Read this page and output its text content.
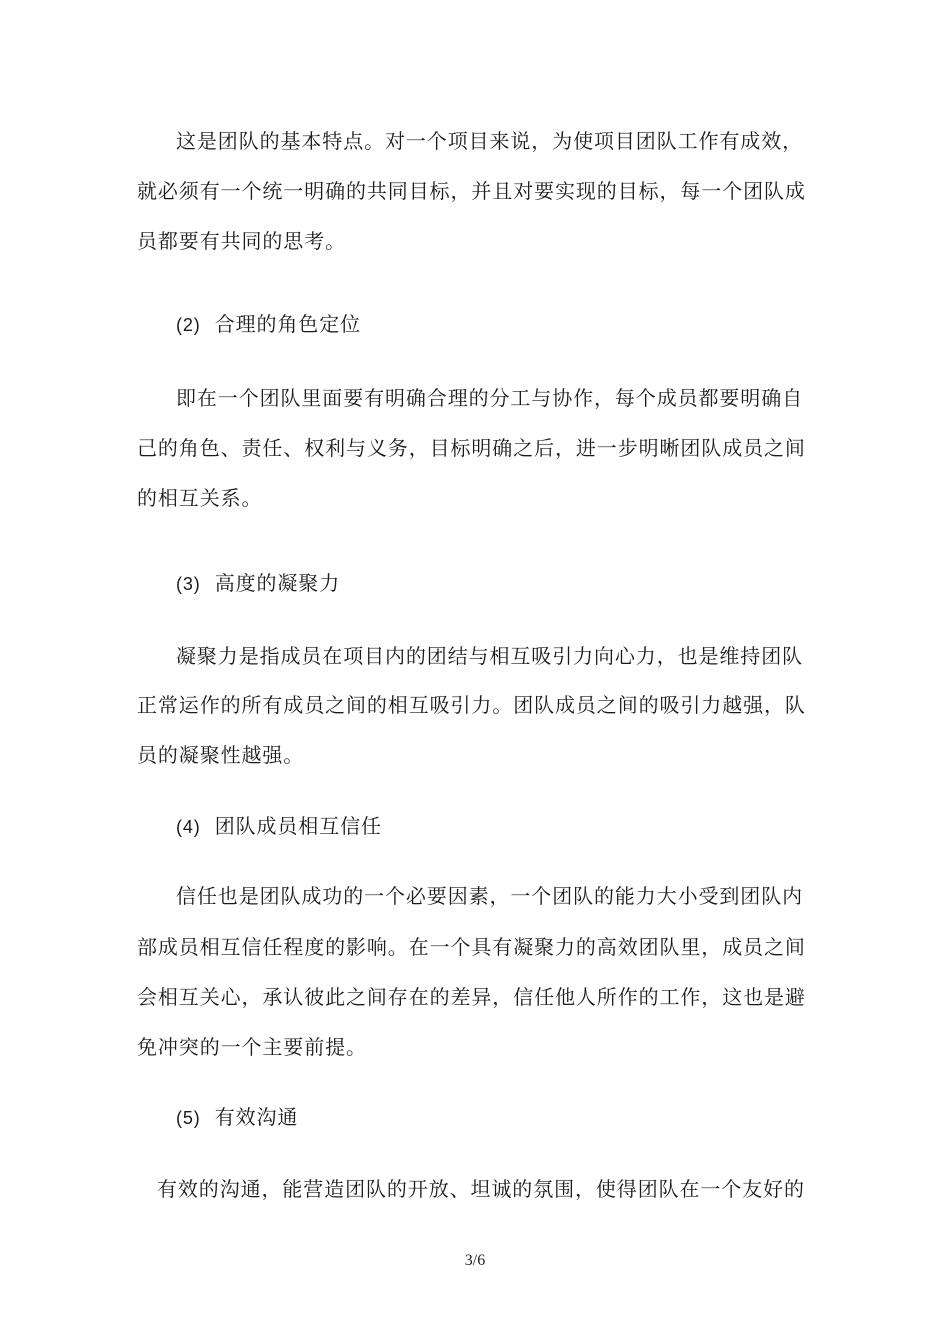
这是团队的基本特点。对一个项目来说，为使项目团队工作有成效，
就必须有一个统一明确的共同目标，并且对要实现的目标，每一个团队成
员都要有共同的思考。
(2) 合理的角色定位
即在一个团队里面要有明确合理的分工与协作，每个成员都要明确自
己的角色、责任、权利与义务，目标明确之后，进一步明晰团队成员之间
的相互关系。
(3) 高度的凝聚力
凝聚力是指成员在项目内的团结与相互吸引力向心力，也是维持团队
正常运作的所有成员之间的相互吸引力。团队成员之间的吸引力越强，队
员的凝聚性越强。
(4) 团队成员相互信任
信任也是团队成功的一个必要因素，一个团队的能力大小受到团队内
部成员相互信任程度的影响。在一个具有凝聚力的高效团队里，成员之间
会相互关心，承认彼此之间存在的差异，信任他人所作的工作，这也是避
免冲突的一个主要前提。
(5) 有效沟通
有效的沟通，能营造团队的开放、坦诚的氛围，使得团队在一个友好的
3/6
